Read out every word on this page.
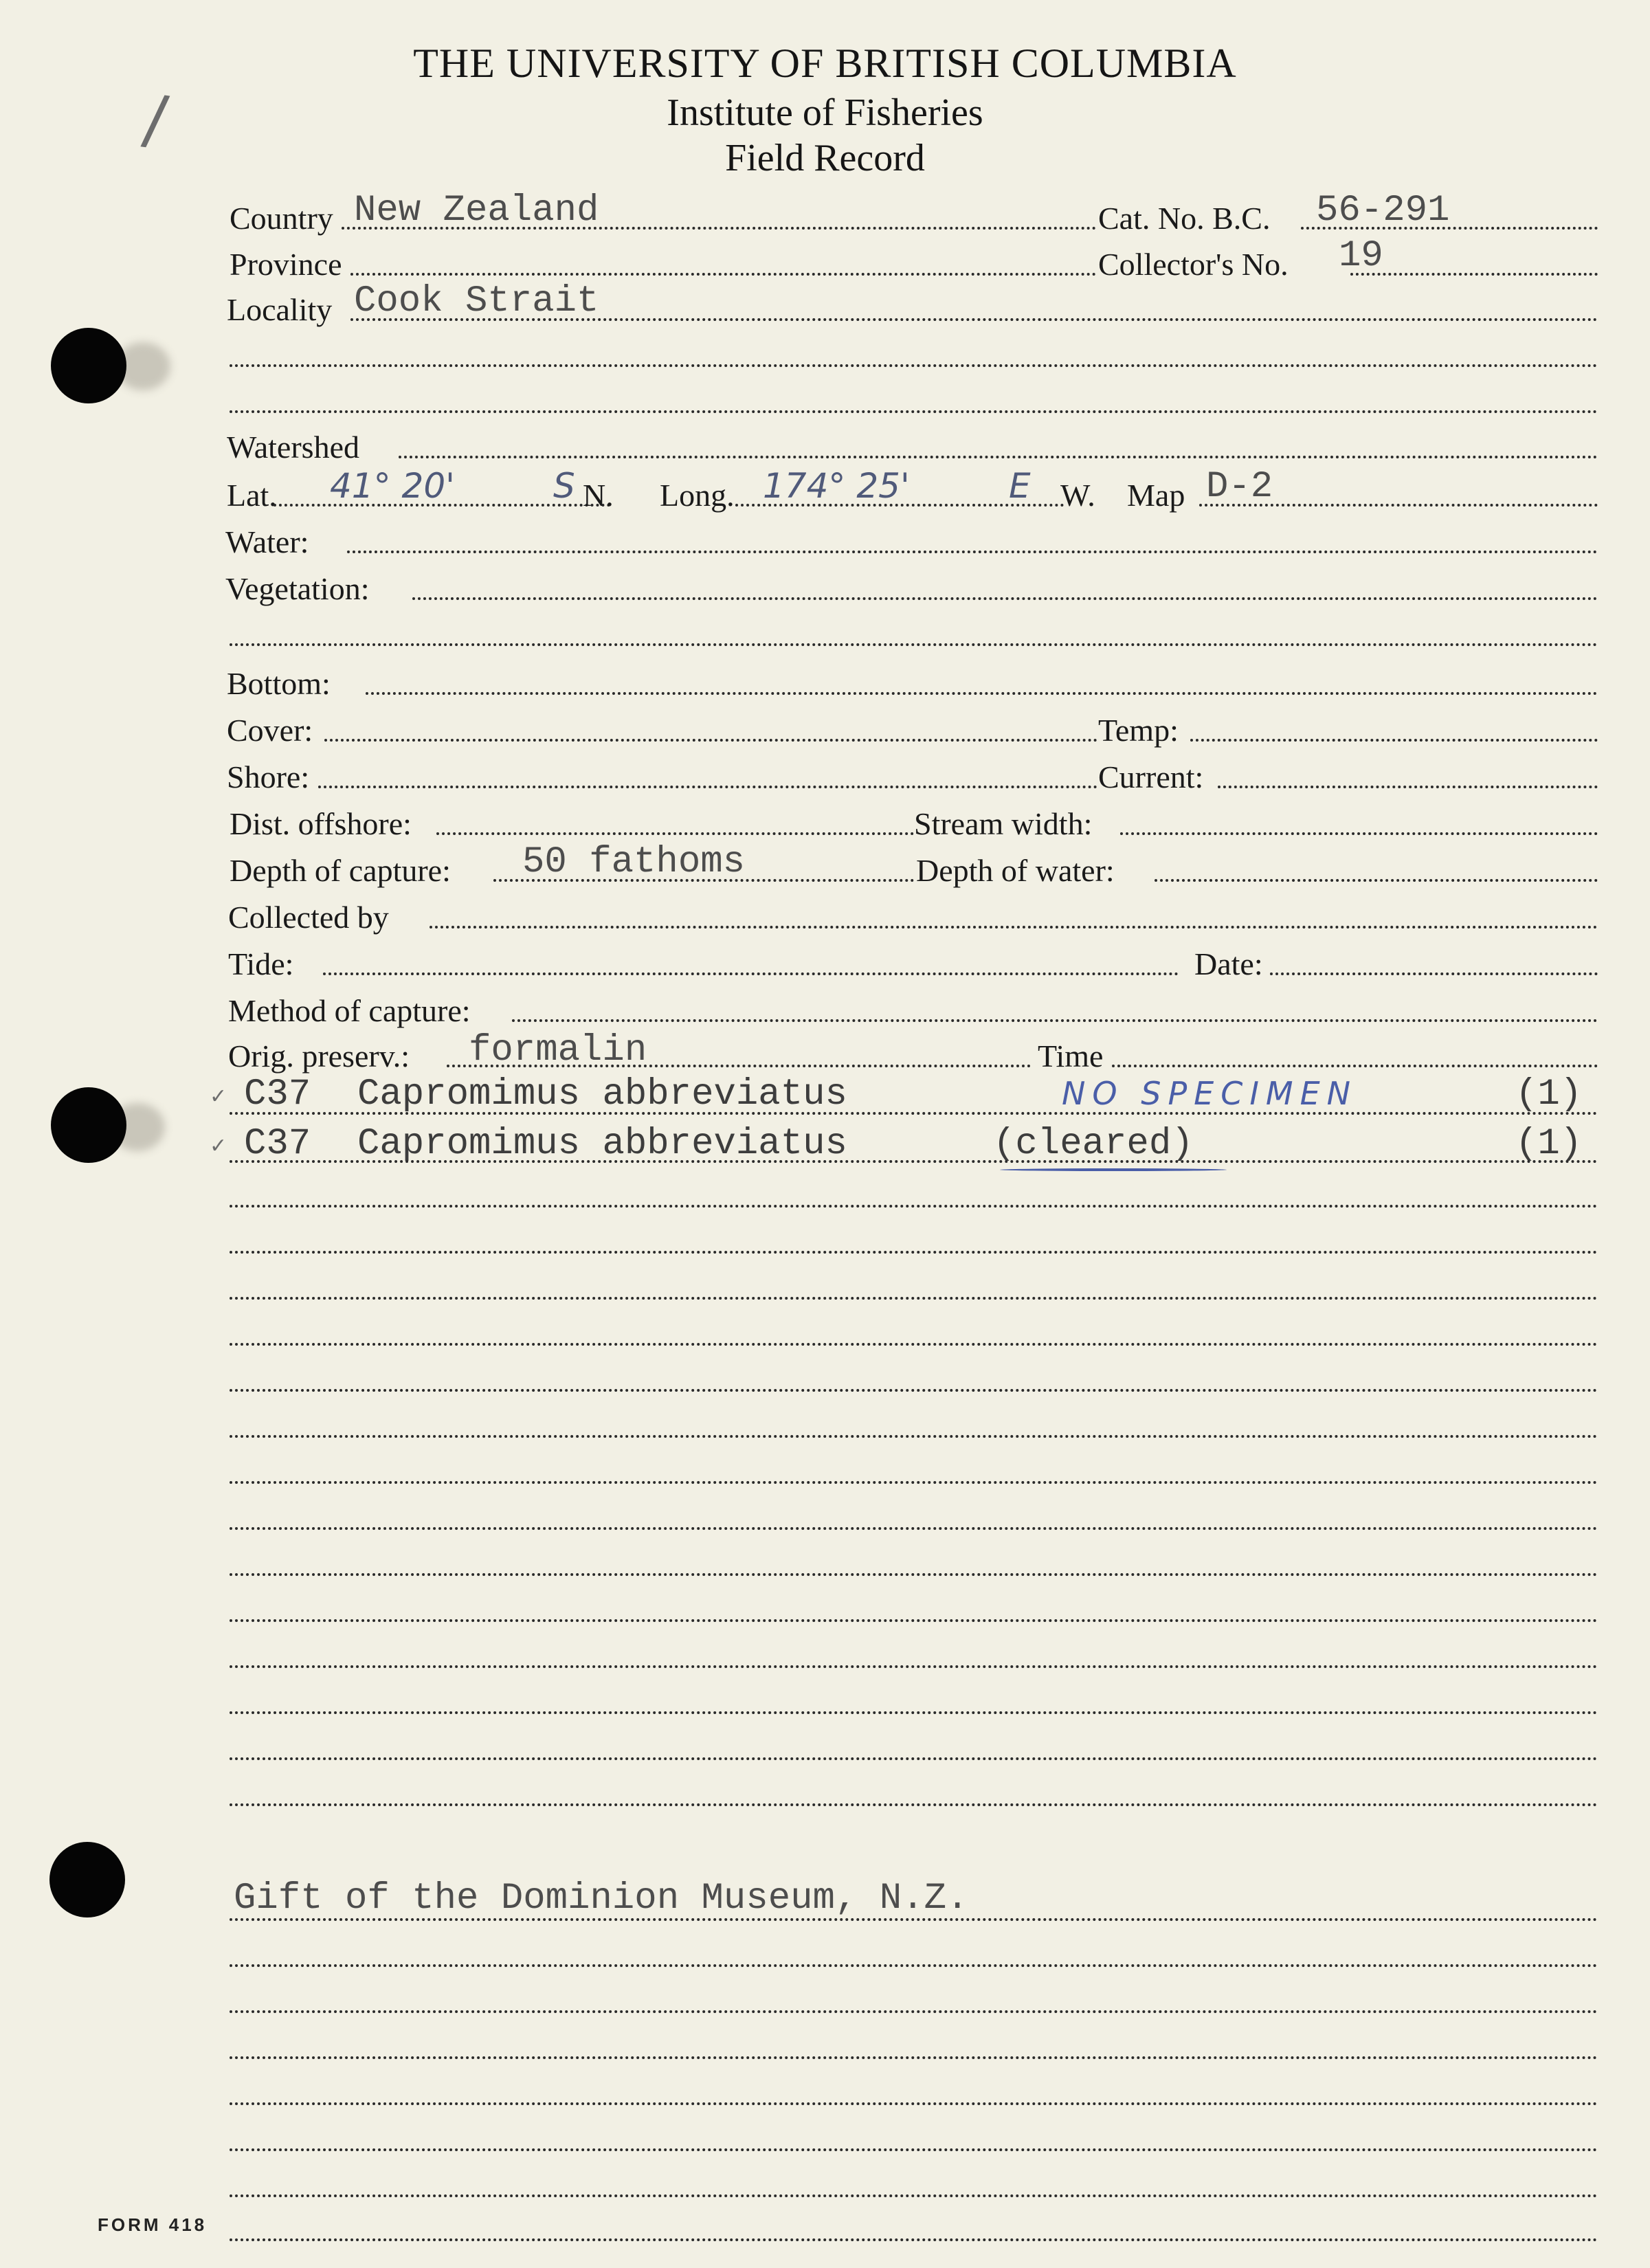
/
THE UNIVERSITY OF BRITISH COLUMBIA
Institute of Fisheries
Field Record
Country New Zealand	Cat. No. B.C. 56-291
Province	Collector's No. 19
Locality Cook Strait
Watershed
Lat. 41° 20'	S N. Long. 174° 25'	E W. Map D-2
Water:
Vegetation:
Bottom:
Cover:	Temp:
Shore:	Current:
Dist. offshore:	Stream width:
Depth of capture: 50 fathoms	Depth of water:
Collected by
Tide:	Date:
Method of capture:
Orig. preserv.: formalin	Time
✓ C37 Capromimus abbreviatus	NO SPECIMEN	(1)
✓ C37 Capromimus abbreviatus	(cleared)	(1)
Gift of the Dominion Museum, N.Z.
FORM 418
